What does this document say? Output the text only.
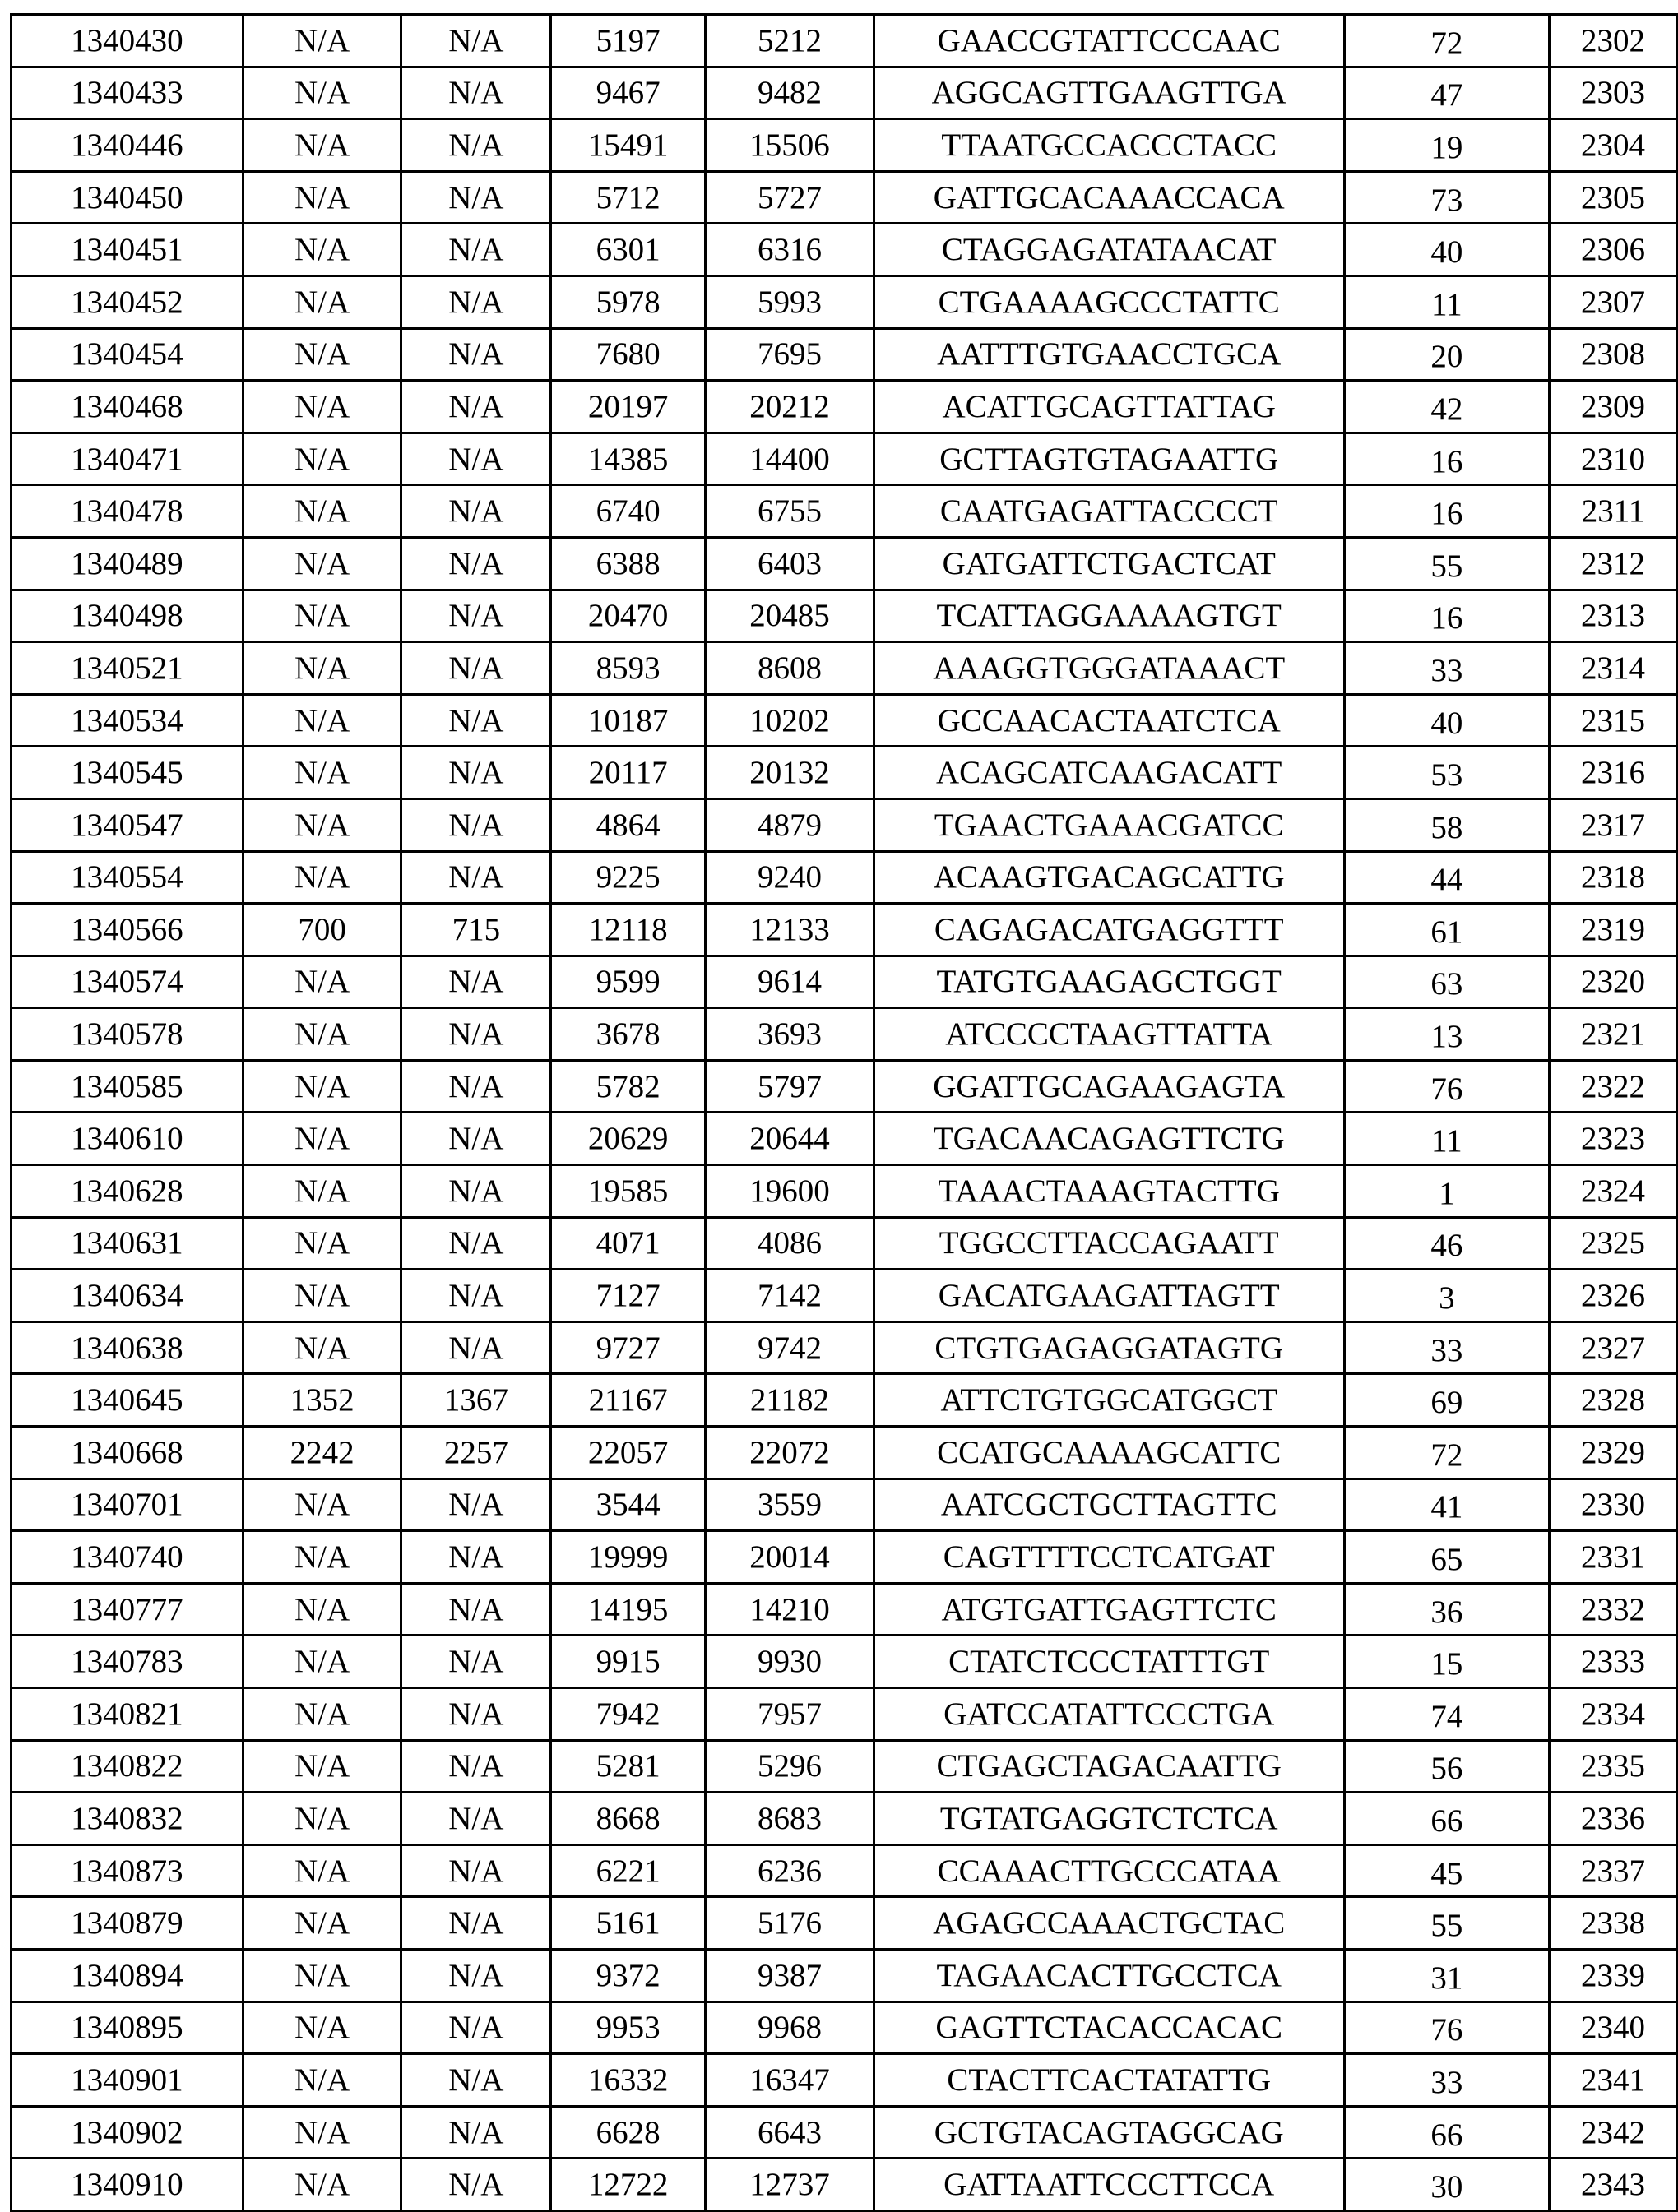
1340430	N/A	N/A	5197	5212	GAACCGTATTCCCAAC	72	2302
1340433	N/A	N/A	9467	9482	AGGCAGTTGAAGTTGA	47	2303
1340446	N/A	N/A	15491	15506	TTAATGCCACCCTACC	19	2304
1340450	N/A	N/A	5712	5727	GATTGCACAAACCACA	73	2305
1340451	N/A	N/A	6301	6316	CTAGGAGATATAACAT	40	2306
1340452	N/A	N/A	5978	5993	CTGAAAAGCCCTATTC	11	2307
1340454	N/A	N/A	7680	7695	AATTTGTGAACCTGCA	20	2308
1340468	N/A	N/A	20197	20212	ACATTGCAGTTATTAG	42	2309
1340471	N/A	N/A	14385	14400	GCTTAGTGTAGAATTG	16	2310
1340478	N/A	N/A	6740	6755	CAATGAGATTACCCCT	16	2311
1340489	N/A	N/A	6388	6403	GATGATTCTGACTCAT	55	2312
1340498	N/A	N/A	20470	20485	TCATTAGGAAAAGTGT	16	2313
1340521	N/A	N/A	8593	8608	AAAGGTGGGATAAACT	33	2314
1340534	N/A	N/A	10187	10202	GCCAACACTAATCTCA	40	2315
1340545	N/A	N/A	20117	20132	ACAGCATCAAGACATT	53	2316
1340547	N/A	N/A	4864	4879	TGAACTGAAACGATCC	58	2317
1340554	N/A	N/A	9225	9240	ACAAGTGACAGCATTG	44	2318
1340566	700	715	12118	12133	CAGAGACATGAGGTTT	61	2319
1340574	N/A	N/A	9599	9614	TATGTGAAGAGCTGGT	63	2320
1340578	N/A	N/A	3678	3693	ATCCCCTAAGTTATTA	13	2321
1340585	N/A	N/A	5782	5797	GGATTGCAGAAGAGTA	76	2322
1340610	N/A	N/A	20629	20644	TGACAACAGAGTTCTG	11	2323
1340628	N/A	N/A	19585	19600	TAAACTAAAGTACTTG	1	2324
1340631	N/A	N/A	4071	4086	TGGCCTTACCAGAATT	46	2325
1340634	N/A	N/A	7127	7142	GACATGAAGATTAGTT	3	2326
1340638	N/A	N/A	9727	9742	CTGTGAGAGGATAGTG	33	2327
1340645	1352	1367	21167	21182	ATTCTGTGGCATGGCT	69	2328
1340668	2242	2257	22057	22072	CCATGCAAAAGCATTC	72	2329
1340701	N/A	N/A	3544	3559	AATCGCTGCTTAGTTC	41	2330
1340740	N/A	N/A	19999	20014	CAGTTTTCCTCATGAT	65	2331
1340777	N/A	N/A	14195	14210	ATGTGATTGAGTTCTC	36	2332
1340783	N/A	N/A	9915	9930	CTATCTCCCTATTTGT	15	2333
1340821	N/A	N/A	7942	7957	GATCCATATTCCCTGA	74	2334
1340822	N/A	N/A	5281	5296	CTGAGCTAGACAATTG	56	2335
1340832	N/A	N/A	8668	8683	TGTATGAGGTCTCTCA	66	2336
1340873	N/A	N/A	6221	6236	CCAAACTTGCCCATAA	45	2337
1340879	N/A	N/A	5161	5176	AGAGCCAAACTGCTAC	55	2338
1340894	N/A	N/A	9372	9387	TAGAACACTTGCCTCA	31	2339
1340895	N/A	N/A	9953	9968	GAGTTCTACACCACAC	76	2340
1340901	N/A	N/A	16332	16347	CTACTTCACTATATTG	33	2341
1340902	N/A	N/A	6628	6643	GCTGTACAGTAGGCAG	66	2342
1340910	N/A	N/A	12722	12737	GATTAATTCCCTTCCA	30	2343
